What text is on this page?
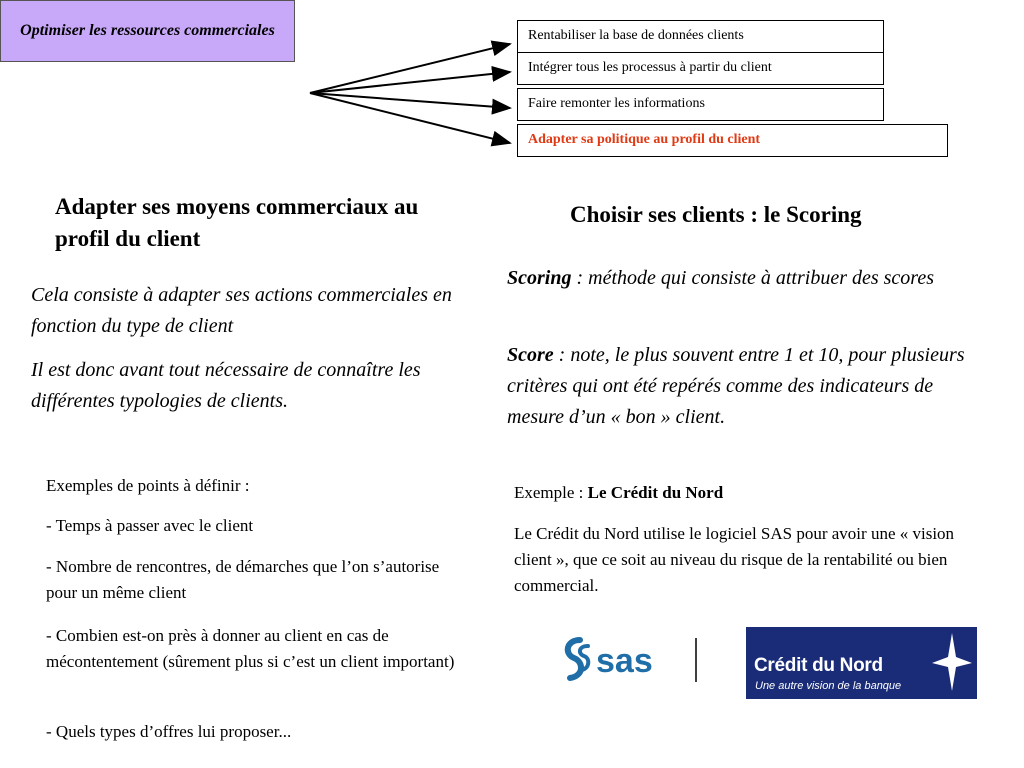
Optimiser les ressources commerciales	Rentabiliser la base de données clients
Intégrer tous les processus à partir du client
Faire remonter les informations
Adapter sa politique au profil du client
Adapter ses moyens commerciaux au profil du client

Cela consiste à adapter ses actions commerciales en fonction du type de client

Il est donc avant tout nécessaire de connaître les différentes typologies de clients.

Exemples de points à définir :

- Temps à passer avec le client

- Nombre de rencontres, de démarches que l’on s’autorise pour un même client

- Combien est-on près à donner au client en cas de mécontentement (sûrement plus si c’est un client important)

- Quels types d’offres lui proposer...

Choisir ses clients : le Scoring

Scoring : méthode qui consiste à attribuer des scores

Score : note, le plus souvent entre 1 et 10, pour plusieurs critères qui ont été repérés comme des indicateurs de mesure d’un « bon » client.

Exemple : Le Crédit du Nord

Le Crédit du Nord utilise le logiciel SAS pour avoir une « vision client », que ce soit au niveau du risque de la rentabilité ou bien commercial.

sas	Crédit du Nord
Une autre vision de la banque
